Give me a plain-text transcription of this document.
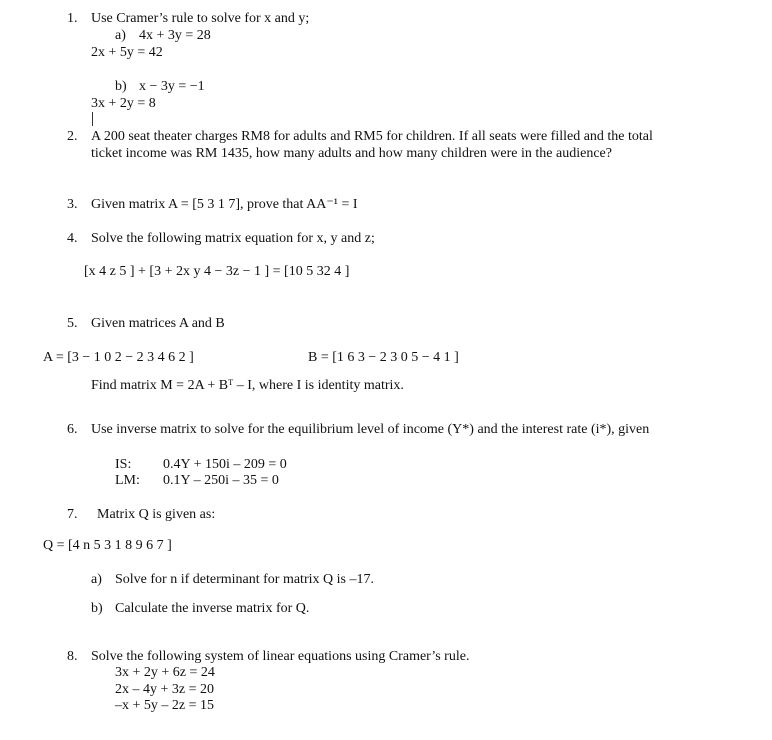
1. Use Cramer’s rule to solve for x and y;
a) 4x + 3y = 28
2x + 5y = 42
b) x − 3y = −1
3x + 2y = 8
2. A 200 seat theater charges RM8 for adults and RM5 for children. If all seats were filled and the total
ticket income was RM 1435, how many adults and how many children were in the audience?
3. Given matrix A = [5 3 1 7], prove that AA⁻¹ = I
4. Solve the following matrix equation for x, y and z;
[x 4 z 5 ] + [3 + 2x y 4 − 3z − 1 ] = [10 5 32 4 ]
5. Given matrices A and B
A = [3 − 1 0 2 − 2 3 4 6 2 ]	B = [1 6 3 − 2 3 0 5 − 4 1 ]
Find matrix M = 2A + Bᵀ – I, where I is identity matrix.
6. Use inverse matrix to solve for the equilibrium level of income (Y*) and the interest rate (i*), given
IS: 0.4Y + 150i – 209 = 0
LM: 0.1Y – 250i – 35 = 0
7. Matrix Q is given as:
Q = [4 n 5 3 1 8 9 6 7 ]
a) Solve for n if determinant for matrix Q is –17.
b) Calculate the inverse matrix for Q.
8. Solve the following system of linear equations using Cramer’s rule.
3x + 2y + 6z = 24
2x – 4y + 3z = 20
–x + 5y – 2z = 15
